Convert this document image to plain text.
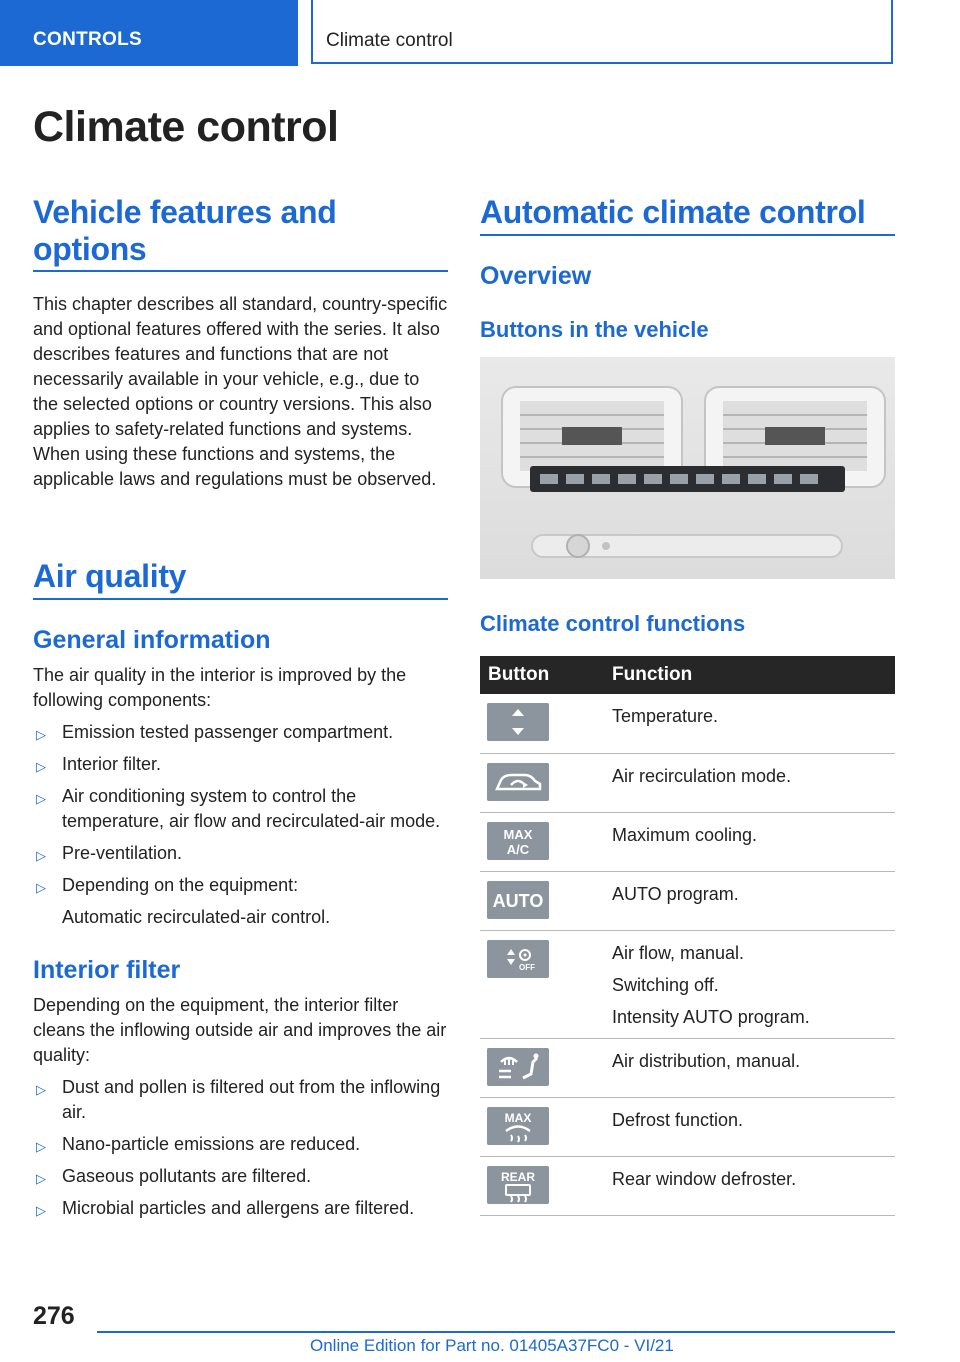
CONTROLS	Climate control
Climate control
Vehicle features and options
This chapter describes all standard, country-specific and optional features offered with the series. It also describes features and functions that are not necessarily available in your vehicle, e.g., due to the selected options or country versions. This also applies to safety-related functions and systems. When using these functions and systems, the applicable laws and regulations must be observed.
Air quality
General information
The air quality in the interior is improved by the following components:
▷ Emission tested passenger compartment.
▷ Interior filter.
▷ Air conditioning system to control the temperature, air flow and recirculated-air mode.
▷ Pre-ventilation.
▷ Depending on the equipment:
Automatic recirculated-air control.
Interior filter
Depending on the equipment, the interior filter cleans the inflowing outside air and improves the air quality:
▷ Dust and pollen is filtered out from the inflowing air.
▷ Nano-particle emissions are reduced.
▷ Gaseous pollutants are filtered.
▷ Microbial particles and allergens are filtered.
Automatic climate control
Overview
Buttons in the vehicle
Climate control functions
Button	Function

Temperature.

Air recirculation mode.

MAX
A/C	Maximum cooling.

AUTO	AUTO program.

OFF	Air flow, manual.
Switching off.
Intensity AUTO program.

Air distribution, manual.

MAX	Defrost function.

REAR	Rear window defroster.
276
Online Edition for Part no. 01405A37FC0 - VI/21
